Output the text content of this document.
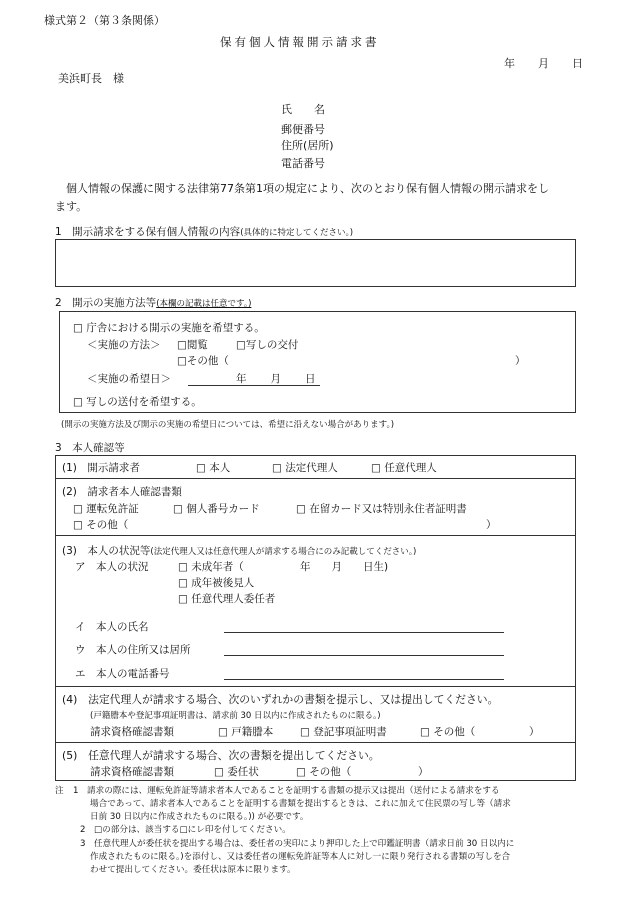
様式第２（第３条関係）
保有個人情報開示請求書
年 月 日
美浜町長　様
氏　　名
郵便番号
住所(居所)
電話番号
個人情報の保護に関する法律第77条第1項の規定により、次のとおり保有個人情報の開示請求をし
ます。
1　開示請求をする保有個人情報の内容(具体的に特定してください。)
2　開示の実施方法等(本欄の記載は任意です。)
□ 庁舎における開示の実施を希望する。
＜実施の方法＞ □閲覧	□写しの交付
□その他（	）
＜実施の希望日＞	年　　月　　日
□ 写しの送付を希望する。
(開示の実施方法及び開示の実施の希望日については、希望に沿えない場合があります。)
3　本人確認等
(1)　開示請求者	□ 本人	□ 法定代理人	□ 任意代理人
(2)　請求者本人確認書類
□ 運転免許証	□ 個人番号カード	□ 在留カード又は特別永住者証明書
□ その他（	）
(3)　本人の状況等(法定代理人又は任意代理人が請求する場合にのみ記載してください。)
ア　本人の状況	□ 未成年者（	年　　月　　日生)
□ 成年被後見人
□ 任意代理人委任者
イ　本人の氏名
ウ　本人の住所又は居所
エ　本人の電話番号
(4)　法定代理人が請求する場合、次のいずれかの書類を提示し、又は提出してください。
(戸籍謄本や登記事項証明書は、請求前 30 日以内に作成されたものに限る。)
請求資格確認書類	□ 戸籍謄本	□ 登記事項証明書	□ その他（	）
(5)　任意代理人が請求する場合、次の書類を提出してください。
請求資格確認書類	□ 委任状	□ その他（	）
注 1　請求の際には、運転免許証等請求者本人であることを証明する書類の提示又は提出（送付による請求をする
場合であって、請求者本人であることを証明する書類を提出するときは、これに加えて住民票の写し等（請求
日前 30 日以内に作成されたものに限る。)) が必要です。
2　□の部分は、該当する□にレ印を付してください。
3　任意代理人が委任状を提出する場合は、委任者の実印により押印した上で印鑑証明書（請求日前 30 日以内に
作成されたものに限る。)を添付し、又は委任者の運転免許証等本人に対し一に限り発行される書類の写しを合
わせて提出してください。委任状は原本に限ります。
